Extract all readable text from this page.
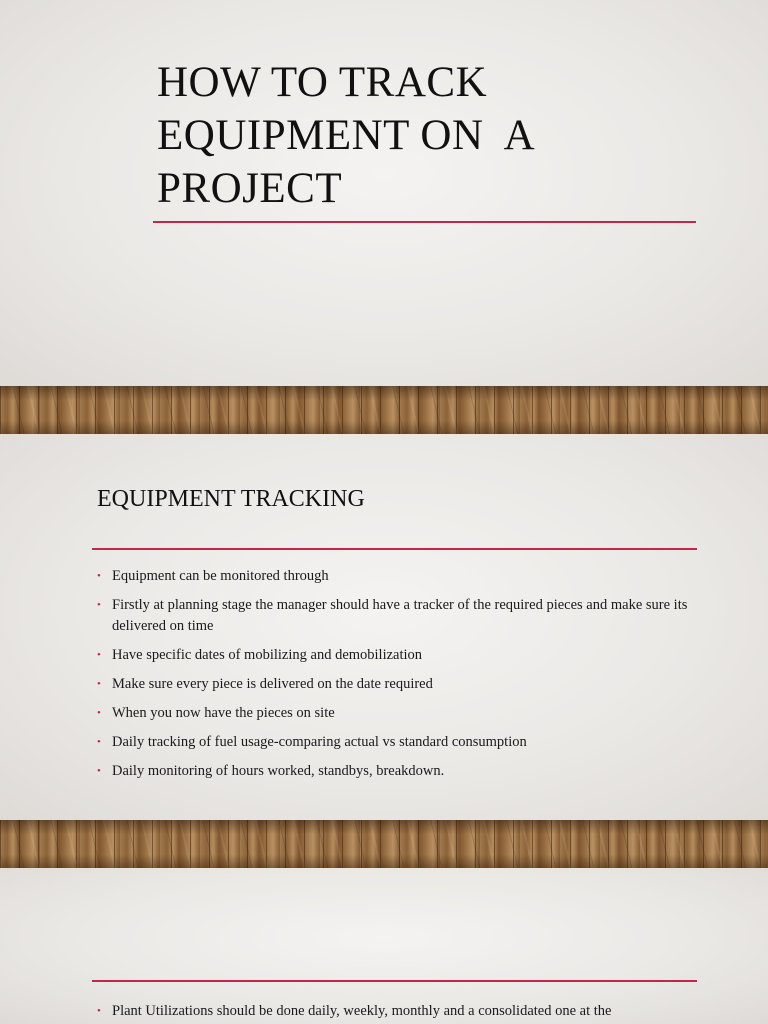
HOW TO TRACK
EQUIPMENT ON  A
PROJECT
EQUIPMENT TRACKING
• Equipment can be monitored through
• Firstly at planning stage the manager should have a tracker of the required pieces and make sure its delivered on time
• Have specific dates of mobilizing and demobilization
• Make sure every piece is delivered on the date required
• When you now have the pieces on site
• Daily tracking of fuel usage-comparing actual vs standard consumption
• Daily monitoring of hours worked, standbys, breakdown.
• Plant Utilizations should be done daily, weekly, monthly and a consolidated one at the
